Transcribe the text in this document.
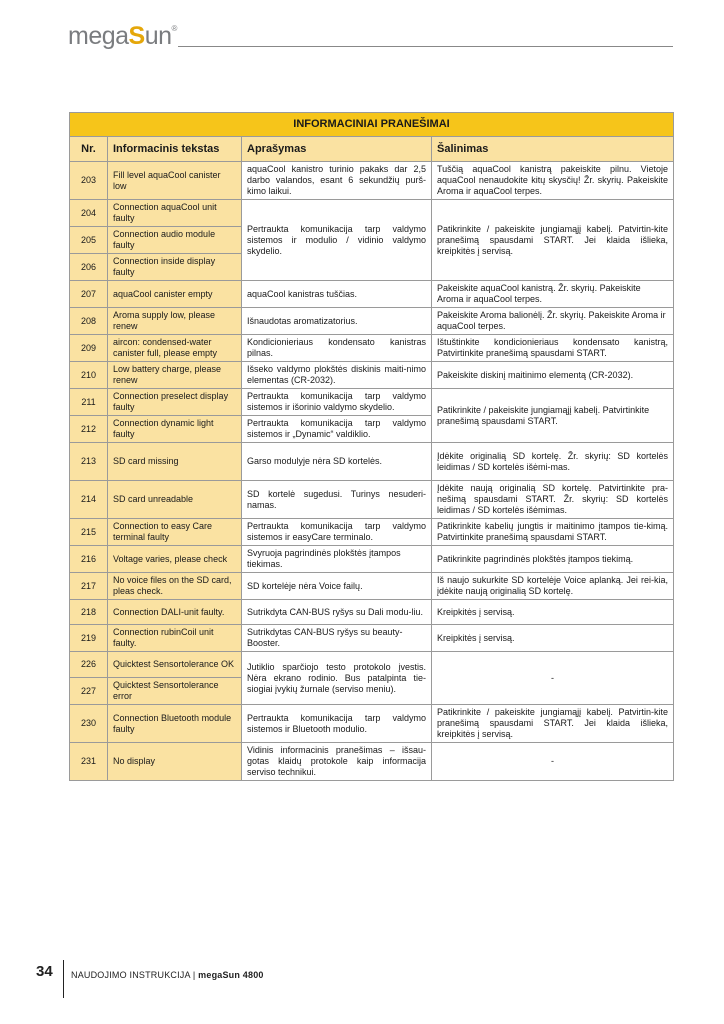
megaSun®
INFORMACINIAI PRANEŠIMAI			
Nr.	Informacinis tekstas	Aprašymas	Šalinimas
203	Fill level aquaCool canister low	aquaCool kanistro turinio pakaks dar 2,5 darbo valandos, esant 6 sekundžių purš-kimo laikui.	Tuščią aquaCool kanistrą pakeiskite pilnu. Vietoje aquaCool nenaudokite kitų skysčių! Žr. skyrių. Pakeiskite Aroma ir aquaCool terpes.
204	Connection aquaCool unit faulty	Pertraukta komunikacija tarp valdymo sistemos ir modulio / vidinio valdymo skydelio.	Patikrinkite / pakeiskite jungiamąjį kabelį. Patvirtin-kite pranešimą spausdami START. Jei klaida išlieka, kreipkitės į servisą.
205	Connection audio module faulty		
206	Connection inside display faulty		
207	aquaCool canister empty	aquaCool kanistras tuščias.	Pakeiskite aquaCool kanistrą. Žr. skyrių. Pakeiskite Aroma ir aquaCool terpes.
208	Aroma supply low, please renew	Išnaudotas aromatizatorius.	Pakeiskite Aroma balionėlį. Žr. skyrių. Pakeiskite Aroma ir aquaCool terpes.
209	aircon: condensed-water canister full, please empty	Kondicionieriaus kondensato kanistras pilnas.	Ištuštinkite kondicionieriaus kondensato kanistrą, Patvirtinkite pranešimą spausdami START.
210	Low battery charge, please renew	Išseko valdymo plokštės diskinis maiti-nimo elementas (CR-2032).	Pakeiskite diskinį maitinimo elementą (CR-2032).
211	Connection preselect display faulty	Pertraukta komunikacija tarp valdymo sistemos ir išorinio valdymo skydelio.	Patikrinkite / pakeiskite jungiamąjį kabelį. Patvirtinkite pranešimą spausdami START.
212	Connection dynamic light faulty	Pertraukta komunikacija tarp valdymo sistemos ir „Dynamic“ valdiklio.	
213	SD card missing	Garso modulyje nėra SD kortelės.	Įdėkite originalią SD kortelę. Žr. skyrių: SD kortelės leidimas / SD kortelės išėmi-mas.
214	SD card unreadable	SD kortelė sugedusi. Turinys nesuderi-namas.	Įdėkite naują originalią SD kortelę. Patvirtinkite pra-nešimą spausdami START. Žr. skyrių: SD kortelės leidimas / SD kortelės išėmimas.
215	Connection to easy Care terminal faulty	Pertraukta komunikacija tarp valdymo sistemos ir easyCare terminalo.	Patikrinkite kabelių jungtis ir maitinimo įtampos tie-kimą. Patvirtinkite pranešimą spausdami START.
216	Voltage varies, please check	Svyruoja pagrindinės plokštės įtampos tiekimas.	Patikrinkite pagrindinės plokštės įtampos tiekimą.
217	No voice files on the SD card, pleas check.	SD kortelėje nėra Voice failų.	Iš naujo sukurkite SD kortelėje Voice aplanką. Jei rei-kia, įdėkite naują originalią SD kortelę.
218	Connection DALI-unit faulty.	Sutrikdyta CAN-BUS ryšys su Dali modu-liu.	Kreipkitės į servisą.
219	Connection rubinCoil unit faulty.	Sutrikdytas CAN-BUS ryšys su beauty-Booster.	Kreipkitės į servisą.
226	Quicktest Sensortolerance OK	Jutiklio sparčiojo testo protokolo įvestis. Nėra ekrano rodinio. Bus patalpinta tie-siogiai įvykių žurnale (serviso meniu).	-
227	Quicktest Sensortolerance error		
230	Connection Bluetooth module faulty	Pertraukta komunikacija tarp valdymo sistemos ir Bluetooth modulio.	Patikrinkite / pakeiskite jungiamąjį kabelį. Patvirtin-kite pranešimą spausdami START. Jei klaida išlieka, kreipkitės į servisą.
231	No display	Vidinis informacinis pranešimas – išsau-gotas klaidų protokole kaip informacija serviso technikui.	-
34 NAUDOJIMO INSTRUKCIJA | megaSun 4800
